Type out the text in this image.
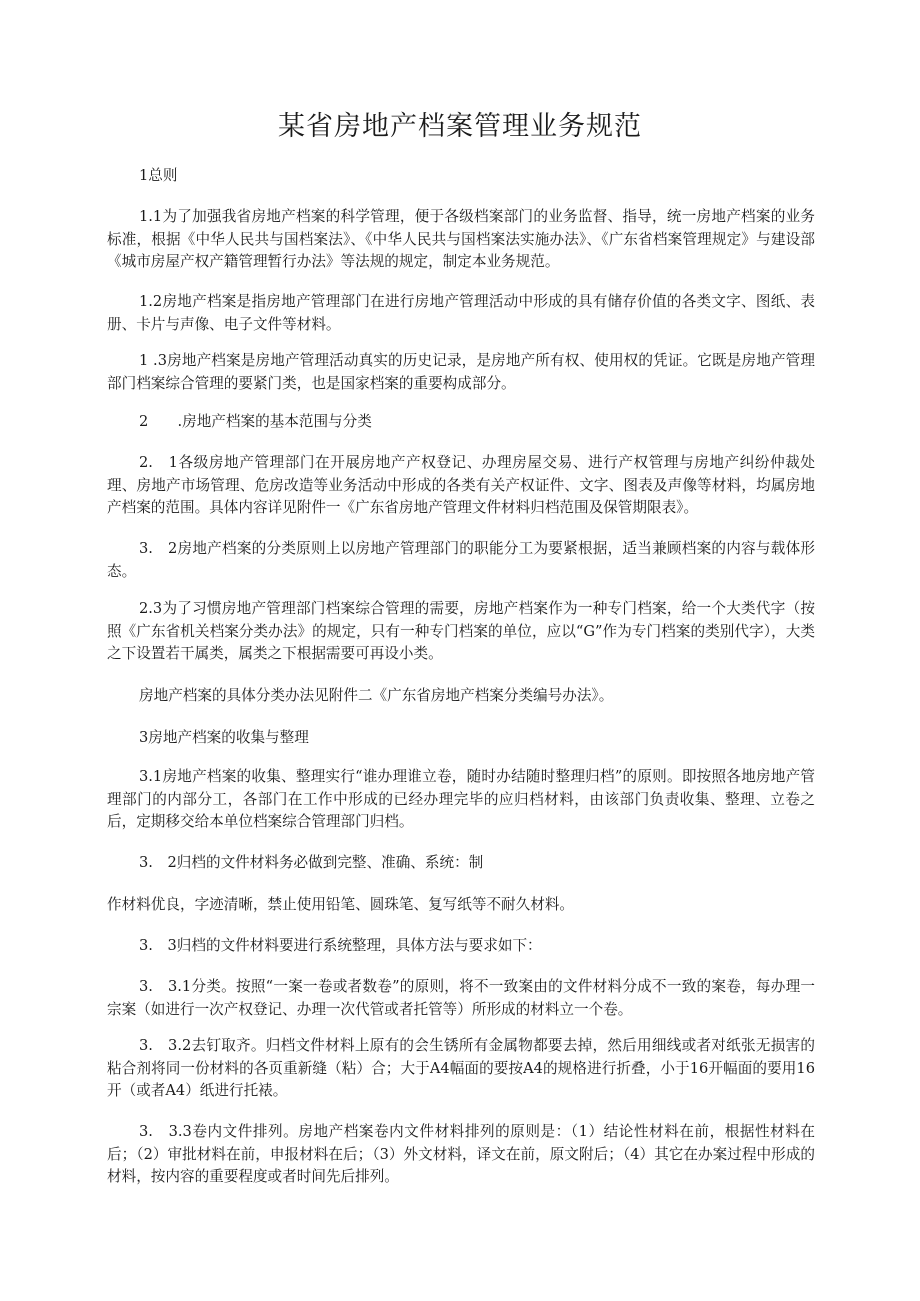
某省房地产档案管理业务规范

1总则

1.1为了加强我省房地产档案的科学管理，便于各级档案部门的业务监督、指导，统一房地产档案的业务标准，根据《中华人民共与国档案法》、《中华人民共与国档案法实施办法》、《广东省档案管理规定》与建设部《城市房屋产权产籍管理暂行办法》等法规的规定，制定本业务规范。

1.2房地产档案是指房地产管理部门在进行房地产管理活动中形成的具有储存价值的各类文字、图纸、表册、卡片与声像、电子文件等材料。

1 .3房地产档案是房地产管理活动真实的历史记录，是房地产所有权、使用权的凭证。它既是房地产管理部门档案综合管理的要紧门类，也是国家档案的重要构成部分。

2　　.房地产档案的基本范围与分类

2.　1各级房地产管理部门在开展房地产产权登记、办理房屋交易、进行产权管理与房地产纠纷仲裁处理、房地产市场管理、危房改造等业务活动中形成的各类有关产权证件、文字、图表及声像等材料，均属房地产档案的范围。具体内容详见附件一《广东省房地产管理文件材料归档范围及保管期限表》。

3.　2房地产档案的分类原则上以房地产管理部门的职能分工为要紧根据，适当兼顾档案的内容与载体形态。

2.3为了习惯房地产管理部门档案综合管理的需要，房地产档案作为一种专门档案，给一个大类代字（按照《广东省机关档案分类办法》的规定，只有一种专门档案的单位，应以“G”作为专门档案的类别代字），大类之下设置若干属类，属类之下根据需要可再设小类。

房地产档案的具体分类办法见附件二《广东省房地产档案分类编号办法》。

3房地产档案的收集与整理

3.1房地产档案的收集、整理实行“谁办理谁立卷，随时办结随时整理归档”的原则。即按照各地房地产管理部门的内部分工，各部门在工作中形成的已经办理完毕的应归档材料，由该部门负责收集、整理、立卷之后，定期移交给本单位档案综合管理部门归档。

3.　2归档的文件材料务必做到完整、准确、系统：制

作材料优良，字迹清晰，禁止使用铅笔、圆珠笔、复写纸等不耐久材料。

3.　3归档的文件材料要进行系统整理，具体方法与要求如下：

3.　3.1分类。按照“一案一卷或者数卷”的原则，将不一致案由的文件材料分成不一致的案卷，每办理一宗案（如进行一次产权登记、办理一次代管或者托管等）所形成的材料立一个卷。

3.　3.2去钉取齐。归档文件材料上原有的会生锈所有金属物都要去掉，然后用细线或者对纸张无损害的粘合剂将同一份材料的各页重新缝（粘）合；大于A4幅面的要按A4的规格进行折叠，小于16开幅面的要用16开（或者A4）纸进行托裱。

3.　3.3卷内文件排列。房地产档案卷内文件材料排列的原则是：（1）结论性材料在前，根据性材料在后；（2）审批材料在前，申报材料在后；（3）外文材料，译文在前，原文附后；（4）其它在办案过程中形成的材料，按内容的重要程度或者时间先后排列。
